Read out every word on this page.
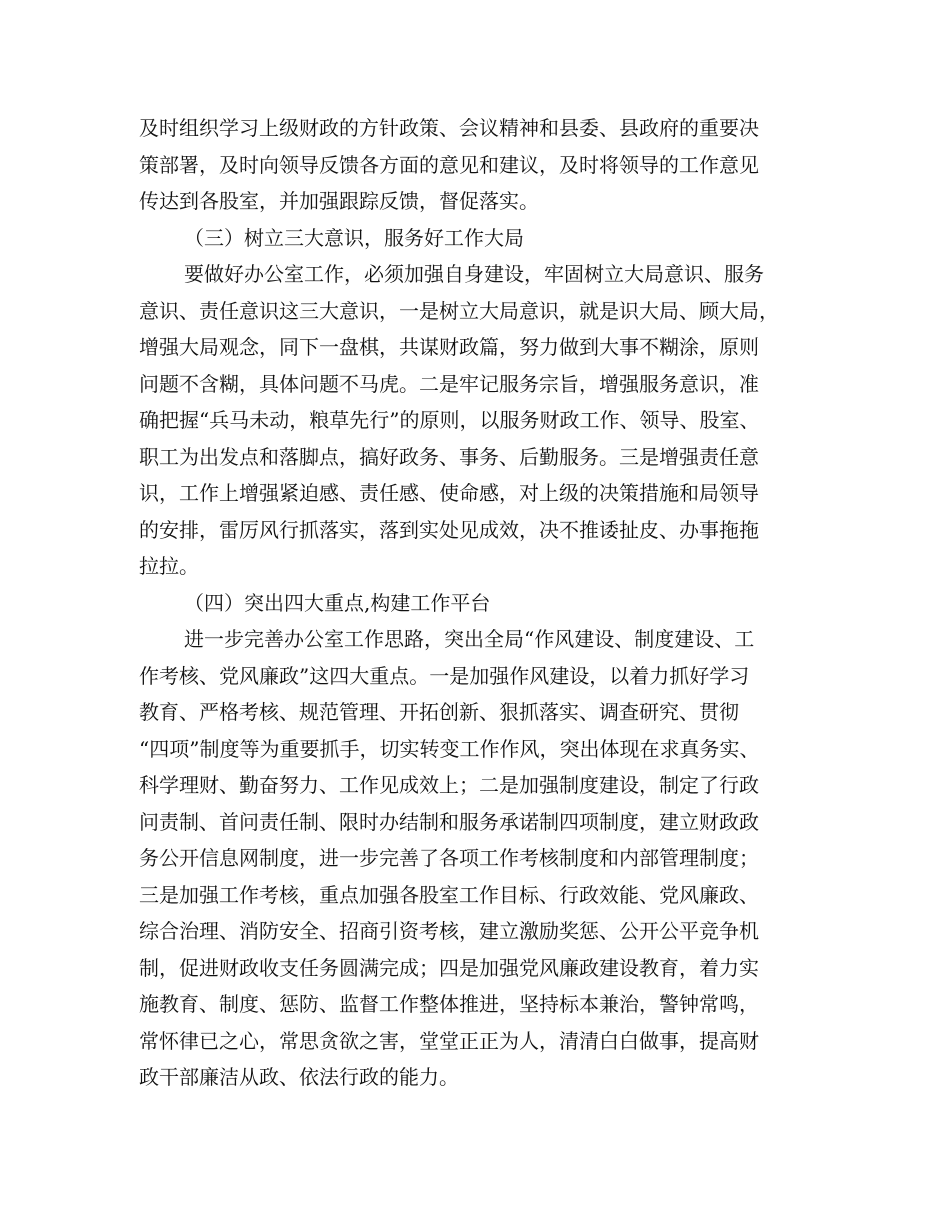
及时组织学习上级财政的方针政策、会议精神和县委、县政府的重要决
策部署，及时向领导反馈各方面的意见和建议，及时将领导的工作意见
传达到各股室，并加强跟踪反馈，督促落实。
（三）树立三大意识，服务好工作大局
要做好办公室工作，必须加强自身建设，牢固树立大局意识、服务
意识、责任意识这三大意识，一是树立大局意识，就是识大局、顾大局，
增强大局观念，同下一盘棋，共谋财政篇，努力做到大事不糊涂，原则
问题不含糊，具体问题不马虎。二是牢记服务宗旨，增强服务意识，准
确把握“兵马未动，粮草先行”的原则，以服务财政工作、领导、股室、
职工为出发点和落脚点，搞好政务、事务、后勤服务。三是增强责任意
识，工作上增强紧迫感、责任感、使命感，对上级的决策措施和局领导
的安排，雷厉风行抓落实，落到实处见成效，决不推诿扯皮、办事拖拖
拉拉。
（四）突出四大重点,构建工作平台
进一步完善办公室工作思路，突出全局“作风建设、制度建设、工
作考核、党风廉政”这四大重点。一是加强作风建设，以着力抓好学习
教育、严格考核、规范管理、开拓创新、狠抓落实、调查研究、贯彻
“四项”制度等为重要抓手，切实转变工作作风，突出体现在求真务实、
科学理财、勤奋努力、工作见成效上；二是加强制度建设，制定了行政
问责制、首问责任制、限时办结制和服务承诺制四项制度，建立财政政
务公开信息网制度，进一步完善了各项工作考核制度和内部管理制度；
三是加强工作考核，重点加强各股室工作目标、行政效能、党风廉政、
综合治理、消防安全、招商引资考核，建立激励奖惩、公开公平竞争机
制，促进财政收支任务圆满完成；四是加强党风廉政建设教育，着力实
施教育、制度、惩防、监督工作整体推进，坚持标本兼治，警钟常鸣，
常怀律已之心，常思贪欲之害，堂堂正正为人，清清白白做事，提高财
政干部廉洁从政、依法行政的能力。
